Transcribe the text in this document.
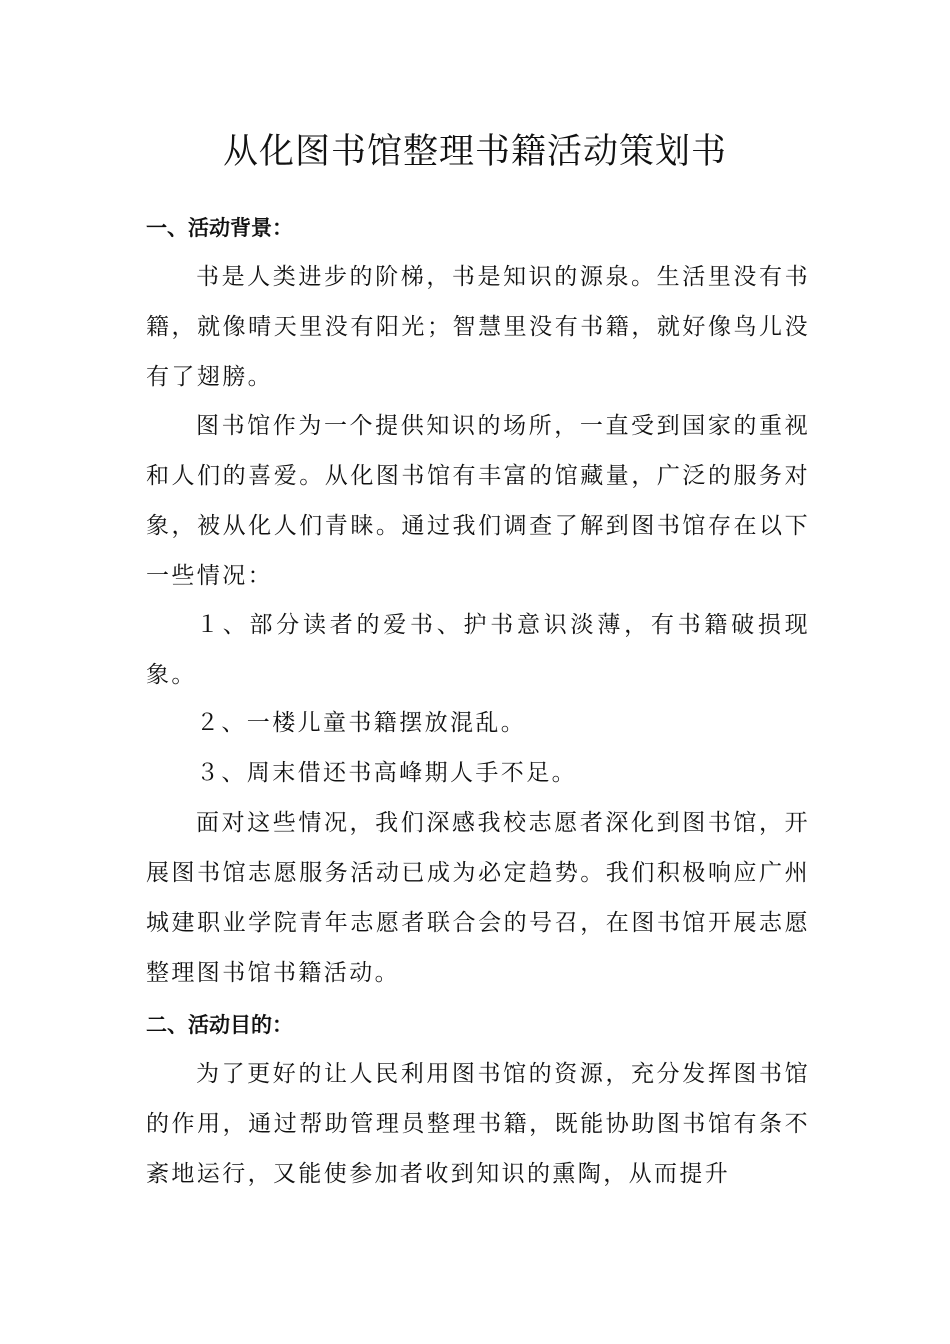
从化图书馆整理书籍活动策划书
一、活动背景：

书是人类进步的阶梯，书是知识的源泉。生活里没有书籍，就像晴天里没有阳光；智慧里没有书籍，就好像鸟儿没有了翅膀。

图书馆作为一个提供知识的场所，一直受到国家的重视和人们的喜爱。从化图书馆有丰富的馆藏量，广泛的服务对象，被从化人们青睐。通过我们调查了解到图书馆存在以下一些情况：

１、部分读者的爱书、护书意识淡薄，有书籍破损现象。

２、一楼儿童书籍摆放混乱。

３、周末借还书高峰期人手不足。

面对这些情况，我们深感我校志愿者深化到图书馆，开展图书馆志愿服务活动已成为必定趋势。我们积极响应广州城建职业学院青年志愿者联合会的号召，在图书馆开展志愿整理图书馆书籍活动。

二、活动目的：

为了更好的让人民利用图书馆的资源，充分发挥图书馆的作用，通过帮助管理员整理书籍，既能协助图书馆有条不紊地运行，又能使参加者收到知识的熏陶，从而提升
